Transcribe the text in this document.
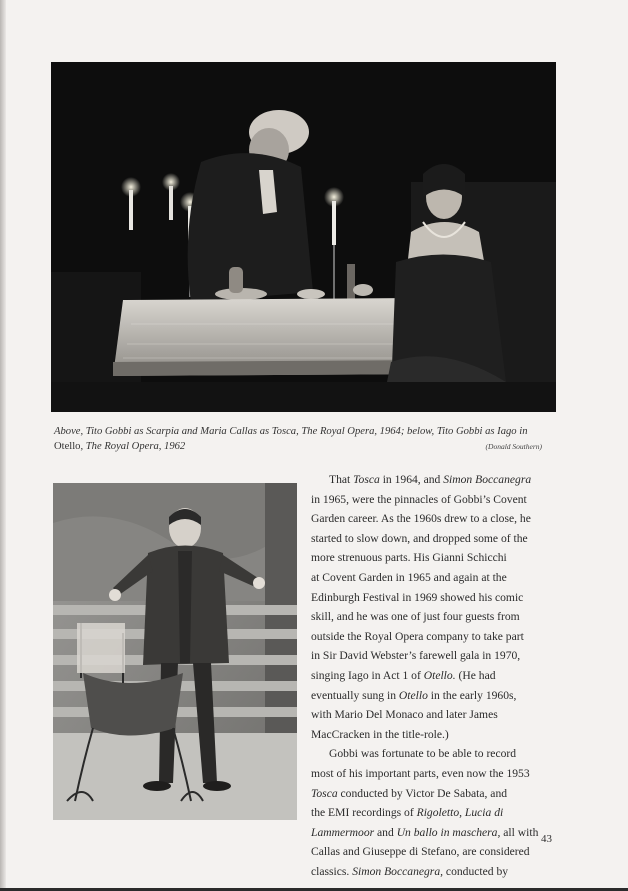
Above, Tito Gobbi as Scarpia and Maria Callas as Tosca, The Royal Opera, 1964; below, Tito Gobbi as Iago in
Otello, The Royal Opera, 1962	(Donald Southern)

That Tosca in 1964, and Simon Boccanegra
in 1965, were the pinnacles of Gobbi’s Covent
Garden career. As the 1960s drew to a close, he
started to slow down, and dropped some of the
more strenuous parts. His Gianni Schicchi
at Covent Garden in 1965 and again at the
Edinburgh Festival in 1969 showed his comic
skill, and he was one of just four guests from
outside the Royal Opera company to take part
in Sir David Webster’s farewell gala in 1970,
singing Iago in Act 1 of Otello. (He had
eventually sung in Otello in the early 1960s,
with Mario Del Monaco and later James
MacCracken in the title-role.)

Gobbi was fortunate to be able to record
most of his important parts, even now the 1953
Tosca conducted by Victor De Sabata, and
the EMI recordings of Rigoletto, Lucia di
Lammermoor and Un ballo in maschera, all with
Callas and Giuseppe di Stefano, are considered
classics. Simon Boccanegra, conducted by

43
